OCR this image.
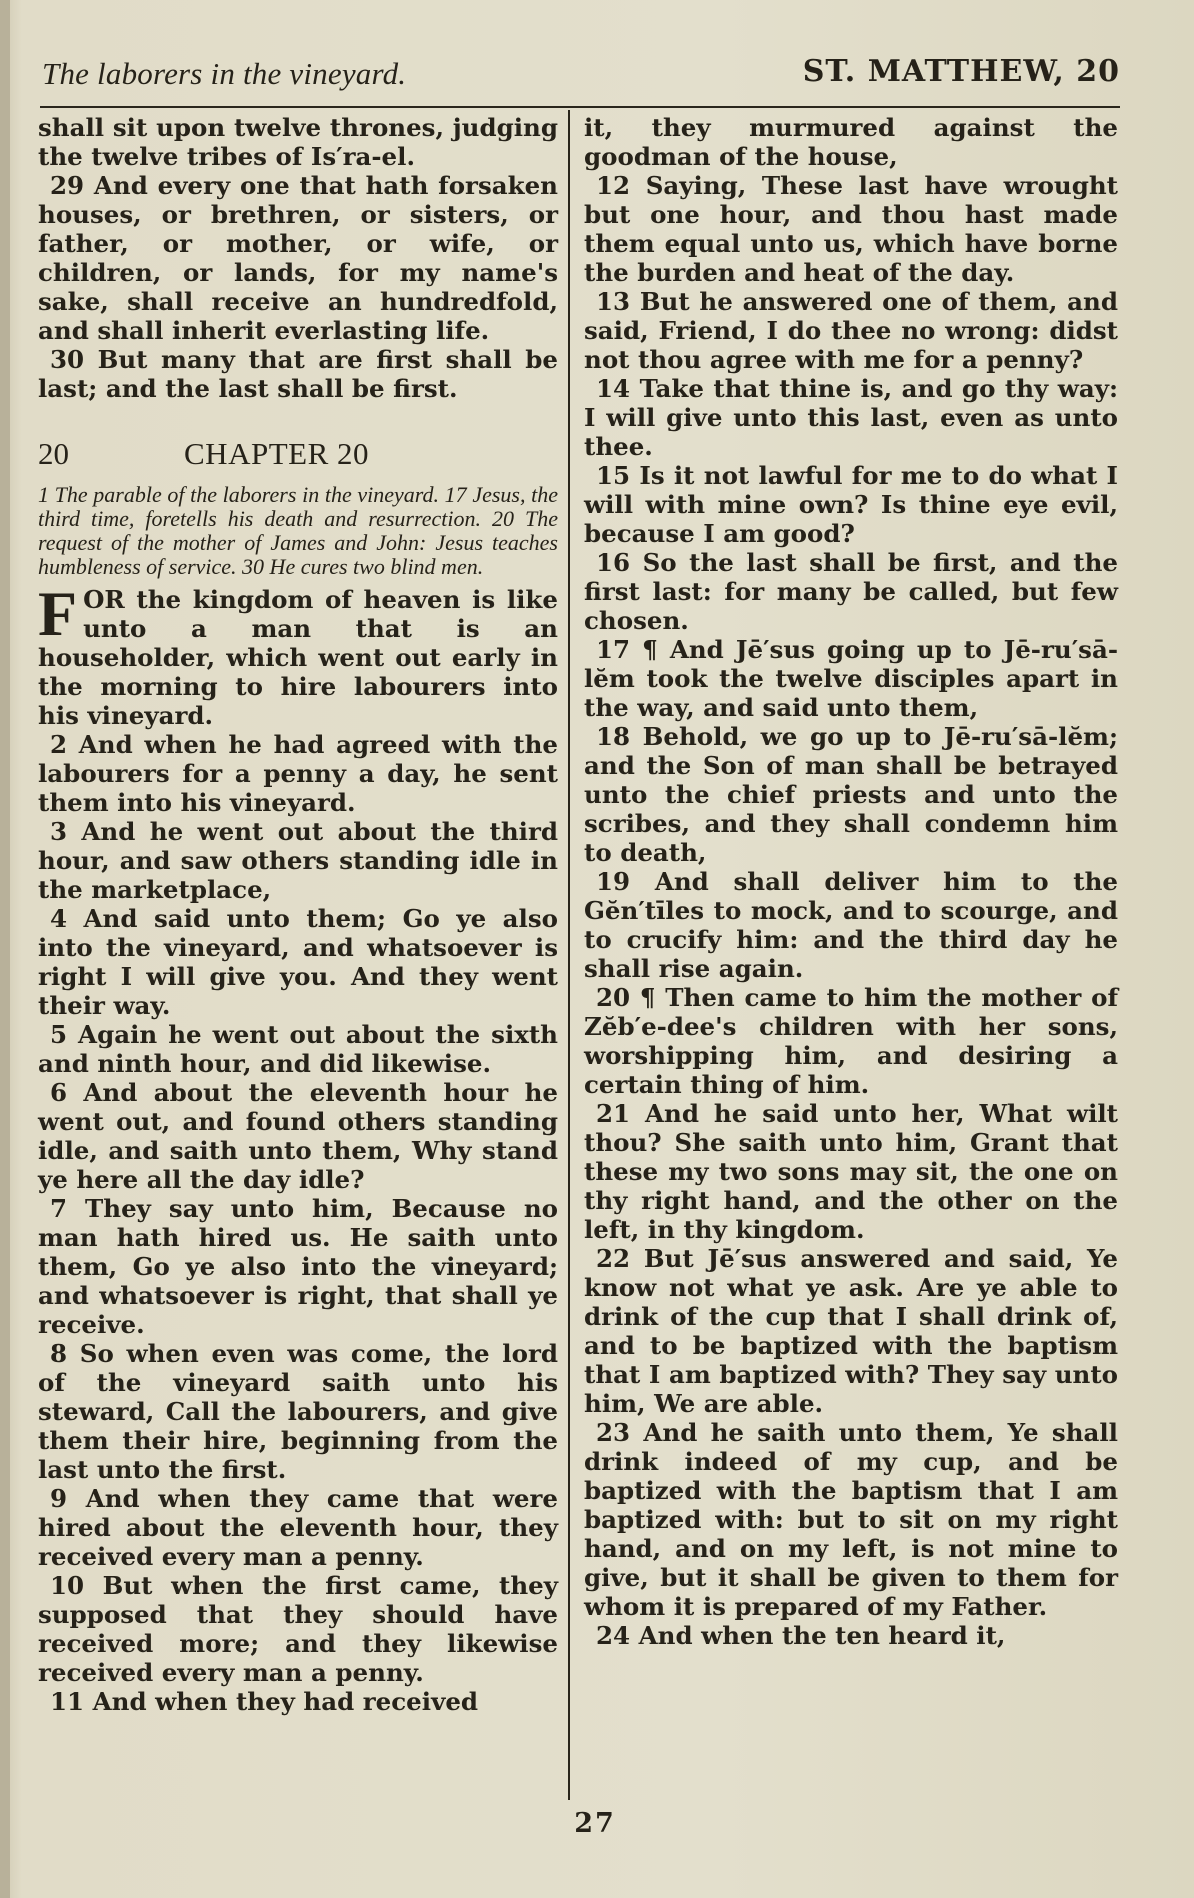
The laborers in the vineyard.	ST. MATTHEW, 20

shall sit upon twelve thrones, judging the twelve tribes of Is′ra-el.

29 And every one that hath forsaken houses, or brethren, or sisters, or father, or mother, or wife, or children, or lands, for my name's sake, shall receive an hundredfold, and shall inherit everlasting life.

30 But many that are first shall be last; and the last shall be first.

20	CHAPTER 20

1 The parable of the laborers in the vineyard. 17 Jesus, the third time, foretells his death and resurrection. 20 The request of the mother of James and John: Jesus teaches humbleness of service. 30 He cures two blind men.

FOR the kingdom of heaven is like unto a man that is an householder, which went out early in the morning to hire labourers into his vineyard.

2 And when he had agreed with the labourers for a penny a day, he sent them into his vineyard.

3 And he went out about the third hour, and saw others standing idle in the marketplace,

4 And said unto them; Go ye also into the vineyard, and whatsoever is right I will give you. And they went their way.

5 Again he went out about the sixth and ninth hour, and did likewise.

6 And about the eleventh hour he went out, and found others standing idle, and saith unto them, Why stand ye here all the day idle?

7 They say unto him, Because no man hath hired us. He saith unto them, Go ye also into the vineyard; and whatsoever is right, that shall ye receive.

8 So when even was come, the lord of the vineyard saith unto his steward, Call the labourers, and give them their hire, beginning from the last unto the first.

9 And when they came that were hired about the eleventh hour, they received every man a penny.

10 But when the first came, they supposed that they should have received more; and they likewise received every man a penny.

11 And when they had received

it, they murmured against the goodman of the house,

12 Saying, These last have wrought but one hour, and thou hast made them equal unto us, which have borne the burden and heat of the day.

13 But he answered one of them, and said, Friend, I do thee no wrong: didst not thou agree with me for a penny?

14 Take that thine is, and go thy way: I will give unto this last, even as unto thee.

15 Is it not lawful for me to do what I will with mine own? Is thine eye evil, because I am good?

16 So the last shall be first, and the first last: for many be called, but few chosen.

17 ¶ And Jē′sus going up to Jē-ru′sā-lĕm took the twelve disciples apart in the way, and said unto them,

18 Behold, we go up to Jē-ru′sā-lĕm; and the Son of man shall be betrayed unto the chief priests and unto the scribes, and they shall condemn him to death,

19 And shall deliver him to the Gĕn′tīles to mock, and to scourge, and to crucify him: and the third day he shall rise again.

20 ¶ Then came to him the mother of Zĕb′e-dee's children with her sons, worshipping him, and desiring a certain thing of him.

21 And he said unto her, What wilt thou? She saith unto him, Grant that these my two sons may sit, the one on thy right hand, and the other on the left, in thy kingdom.

22 But Jē′sus answered and said, Ye know not what ye ask. Are ye able to drink of the cup that I shall drink of, and to be baptized with the baptism that I am baptized with? They say unto him, We are able.

23 And he saith unto them, Ye shall drink indeed of my cup, and be baptized with the baptism that I am baptized with: but to sit on my right hand, and on my left, is not mine to give, but it shall be given to them for whom it is prepared of my Father.

24 And when the ten heard it,

27
